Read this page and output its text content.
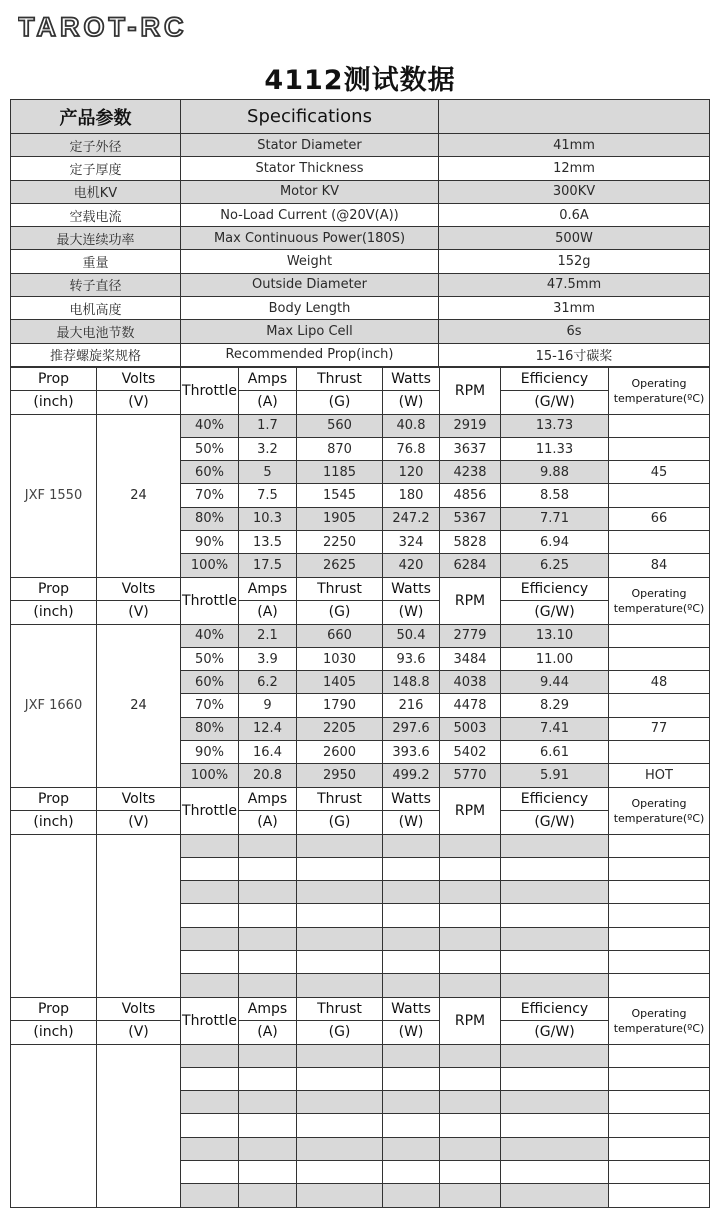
TAROT-RC
4112测试数据
产品参数	Specifications	
定子外径	Stator Diameter	41mm
定子厚度	Stator Thickness	12mm
电机KV	Motor KV	300KV
空载电流	No-Load Current (@20V(A))	0.6A
最大连续功率	Max Continuous Power(180S)	500W
重量	Weight	152g
转子直径	Outside Diameter	47.5mm
电机高度	Body Length	31mm
最大电池节数	Max Lipo Cell	6s
推荐螺旋桨规格	Recommended Prop(inch)	15-16寸碳桨
Prop	Volts	Throttle	Amps	Thrust	Watts	RPM	Efficiency	Operating temperature(ºC)
(inch)	(V)		(A)	(G)	(W)		(G/W)	
JXF 1550	24	40%	1.7	560	40.8	2919	13.73	
		50%	3.2	870	76.8	3637	11.33	
		60%	5	1185	120	4238	9.88	45
		70%	7.5	1545	180	4856	8.58	
		80%	10.3	1905	247.2	5367	7.71	66
		90%	13.5	2250	324	5828	6.94	
		100%	17.5	2625	420	6284	6.25	84
Prop	Volts	Throttle	Amps	Thrust	Watts	RPM	Efficiency	Operating temperature(ºC)
(inch)	(V)		(A)	(G)	(W)		(G/W)	
JXF 1660	24	40%	2.1	660	50.4	2779	13.10	
		50%	3.9	1030	93.6	3484	11.00	
		60%	6.2	1405	148.8	4038	9.44	48
		70%	9	1790	216	4478	8.29	
		80%	12.4	2205	297.6	5003	7.41	77
		90%	16.4	2600	393.6	5402	6.61	
		100%	20.8	2950	499.2	5770	5.91	HOT
Prop	Volts	Throttle	Amps	Thrust	Watts	RPM	Efficiency	Operating temperature(ºC)
(inch)	(V)		(A)	(G)	(W)		(G/W)	

Prop	Volts	Throttle	Amps	Thrust	Watts	RPM	Efficiency	Operating temperature(ºC)
(inch)	(V)		(A)	(G)	(W)		(G/W)	
